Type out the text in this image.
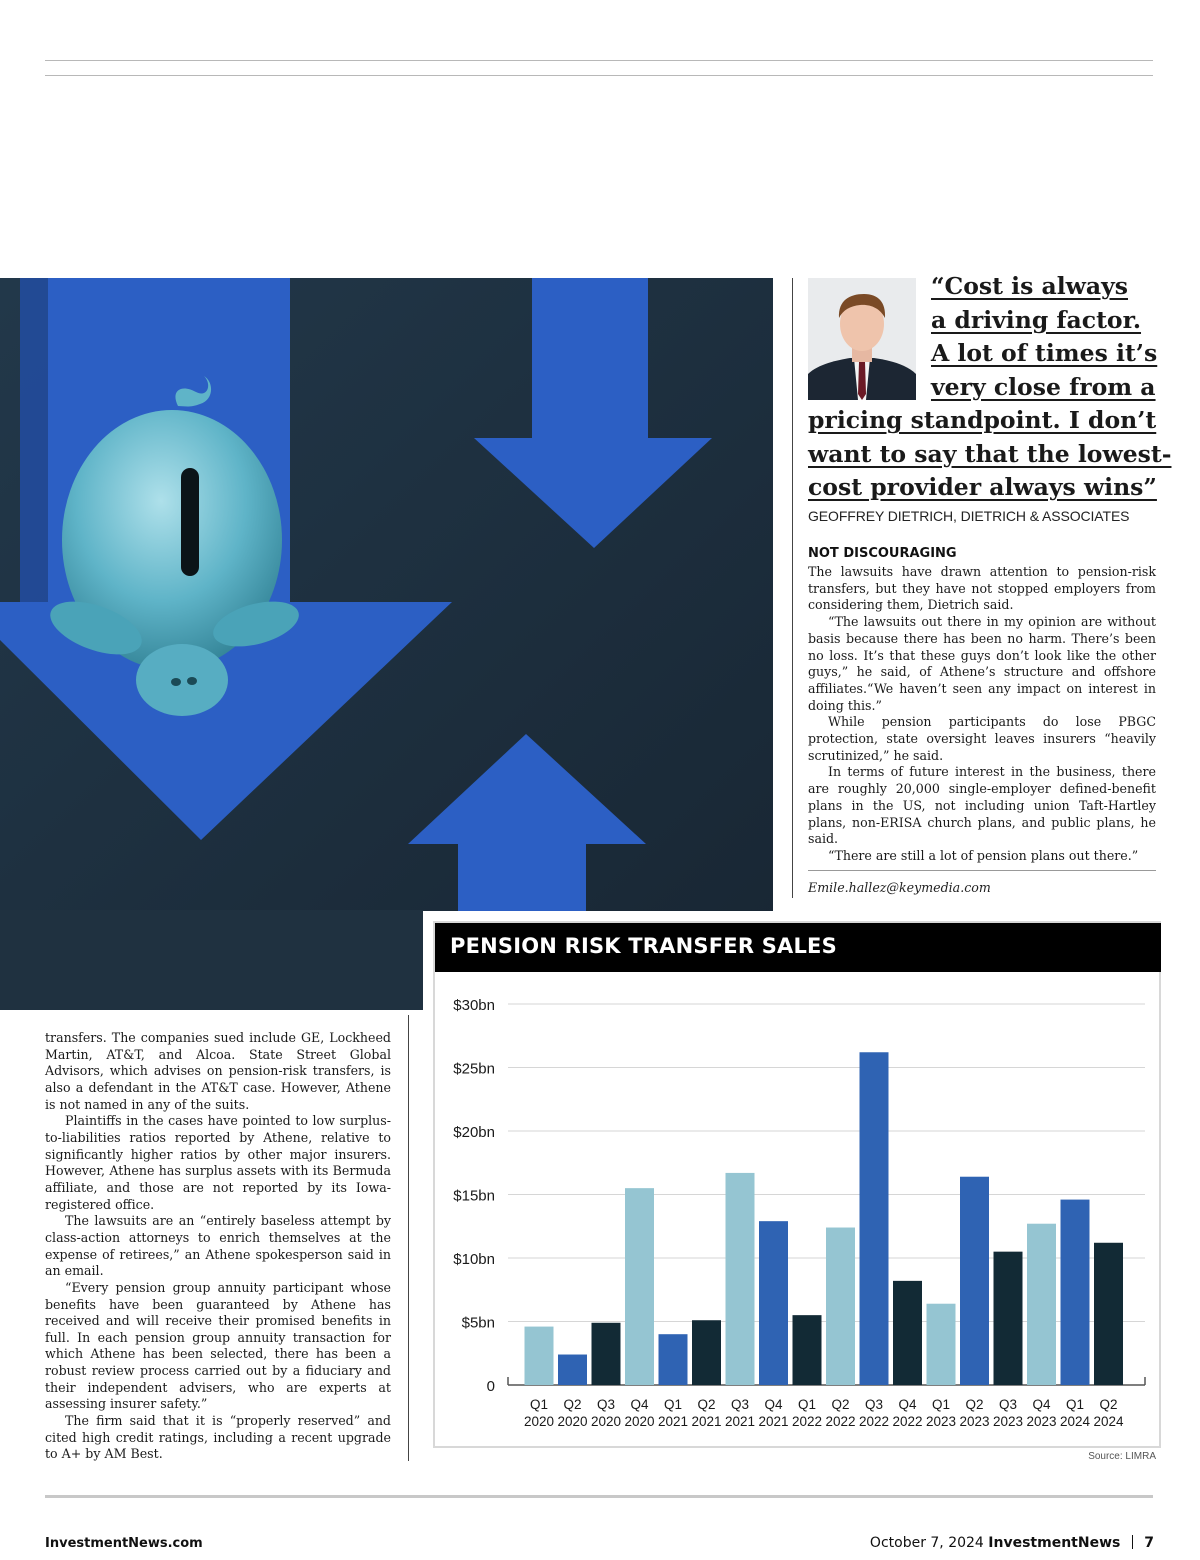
“Cost is always
a driving factor.
A lot of times it’s
very close from a
pricing standpoint. I don’t
want to say that the lowest-
cost provider always wins”
GEOFFREY DIETRICH, DIETRICH & ASSOCIATES
NOT DISCOURAGING

The lawsuits have drawn attention to pension-risk transfers, but they have not stopped employers from considering them, Dietrich said.

“The lawsuits out there in my opinion are without basis because there has been no harm. There’s been no loss. It’s that these guys don’t look like the other guys,” he said, of Athene’s structure and offshore affiliates.“We haven’t seen any impact on interest in doing this.”

While pension participants do lose PBGC protection, state oversight leaves insurers “heavily scrutinized,” he said.

In terms of future interest in the business, there are roughly 20,000 single-employer defined-benefit plans in the US, not including union Taft-Hartley plans, non-ERISA church plans, and public plans, he said.

“There are still a lot of pension plans out there.”

Emile.hallez@keymedia.com

transfers. The companies sued include GE, Lockheed Martin, AT&T, and Alcoa. State Street Global Advisors, which advises on pension-risk transfers, is also a defendant in the AT&T case. However, Athene is not named in any of the suits.

Plaintiffs in the cases have pointed to low surplus-to-liabilities ratios reported by Athene, relative to significantly higher ratios by other major insurers. However, Athene has surplus assets with its Bermuda affiliate, and those are not reported by its Iowa-registered office.

The lawsuits are an “entirely baseless attempt by class-action attorneys to enrich themselves at the expense of retirees,” an Athene spokesperson said in an email.

“Every pension group annuity participant whose benefits have been guaranteed by Athene has received and will receive their promised benefits in full. In each pension group annuity transaction for which Athene has been selected, there has been a robust review process carried out by a fiduciary and their independent advisers, who are experts at assessing insurer safety.”

The firm said that it is “properly reserved” and cited high credit ratings, including a recent upgrade to A+ by AM Best.

PENSION RISK TRANSFER SALES
0
$5bn
$10bn
$15bn
$20bn
$25bn
$30bn
Q1
2020
Q2
2020
Q3
2020
Q4
2020
Q1
2021
Q2
2021
Q3
2021
Q4
2021
Q1
2022
Q2
2022
Q3
2022
Q4
2022
Q1
2023
Q2
2023
Q3
2023
Q4
2023
Q1
2024
Q2
2024
Source: LIMRA
InvestmentNews.com	October 7, 2024 InvestmentNews 7
